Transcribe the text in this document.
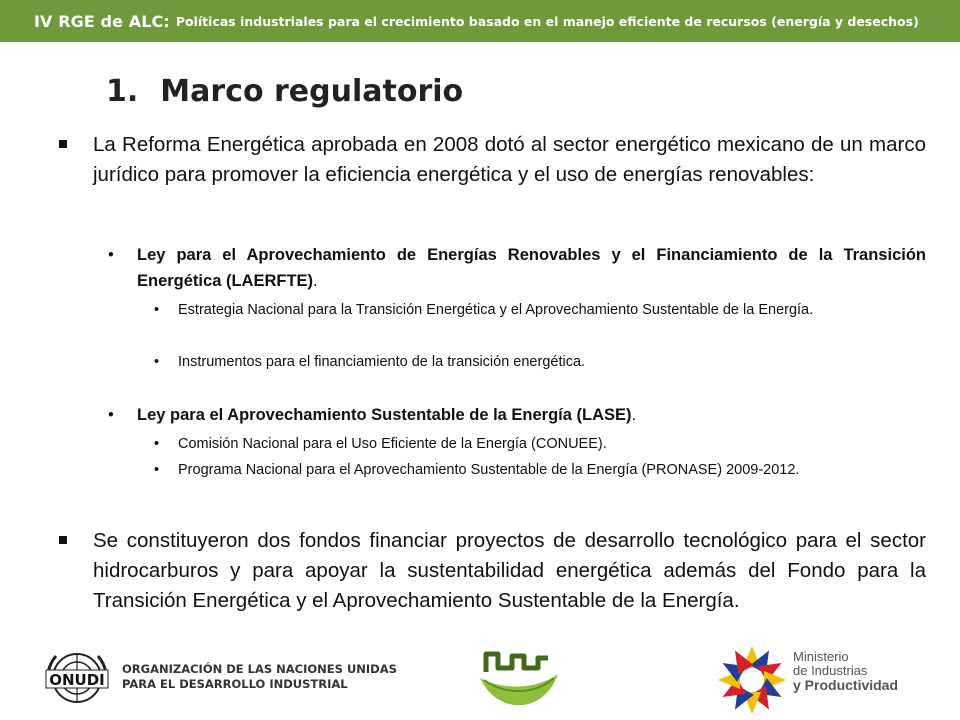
IV RGE de ALC: Políticas industriales para el crecimiento basado en el manejo eficiente de recursos (energía y desechos)
1. Marco regulatorio
La Reforma Energética aprobada en 2008 dotó al sector energético mexicano de un marco jurídico para promover la eficiencia energética y el uso de energías renovables:
• Ley para el Aprovechamiento de Energías Renovables y el Financiamiento de la Transición Energética (LAERFTE).
• Estrategia Nacional para la Transición Energética y el Aprovechamiento Sustentable de la Energía.
• Instrumentos para el financiamiento de la transición energética.
• Ley para el Aprovechamiento Sustentable de la Energía (LASE).
• Comisión Nacional para el Uso Eficiente de la Energía (CONUEE).
• Programa Nacional para el Aprovechamiento Sustentable de la Energía (PRONASE) 2009-2012.
Se constituyeron dos fondos financiar proyectos de desarrollo tecnológico para el sector hidrocarburos y para apoyar la sustentabilidad energética además del Fondo para la Transición Energética y el Aprovechamiento Sustentable de la Energía.
ONUDI
ORGANIZACIÓN DE LAS NACIONES UNIDAS
PARA EL DESARROLLO INDUSTRIAL
Ministerio
de Industrias
y Productividad
